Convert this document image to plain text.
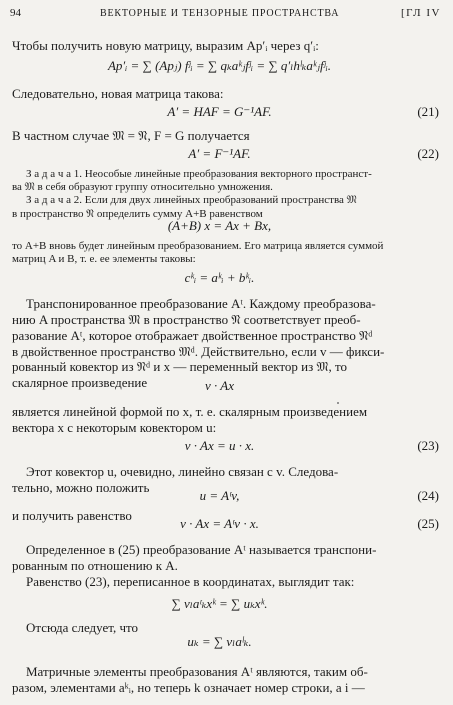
94	ВЕКТОРНЫЕ И ТЕНЗОРНЫЕ ПРОСТРАНСТВА	[ГЛ IV
Чтобы получить новую матрицу, выразим Ap′ᵢ через q′ᵢ:
Ap′ᵢ = ∑ (Apⱼ) fʲᵢ = ∑ qₖaᵏⱼfʲᵢ = ∑ q′ₗhˡₖaᵏⱼfʲᵢ.
Следовательно, новая матрица такова:
A′ = HAF = G⁻¹AF.	(21)
В частном случае 𝔐 = 𝔑, F = G получается
A′ = F⁻¹AF.	(22)
З а д а ч а 1. Неособые линейные преобразования векторного пространст-
ва 𝔐 в себя образуют группу относительно умножения.
З а д а ч а 2. Если для двух линейных преобразований пространства 𝔐
в пространство 𝔑 определить сумму A+B равенством
(A+B) x = Ax + Bx,
то A+B вновь будет линейным преобразованием. Его матрица является суммой
матриц A и B, т. е. ее элементы таковы:
cᵏᵢ = aᵏᵢ + bᵏᵢ.
Транспонированное преобразование Aᵗ. Каждому преобразова-
нию A пространства 𝔐 в пространство 𝔑 соответствует преоб-
разование Aᵗ, которое отображает двойственное пространство 𝔑ᵈ
в двойственное пространство 𝔐ᵈ. Действительно, если v — фикси-
рованный ковектор из 𝔑ᵈ и x — переменный вектор из 𝔐, то
скалярное произведение	v · Ax
является линейной формой по x, т. е. скалярным произведением
вектора x с некоторым ковектором u:
v · Ax = u · x.	(23)
Этот ковектор u, очевидно, линейно связан с v. Следова-
тельно, можно положить
u = Aᵗv,	(24)
и получить равенство
v · Ax = Aᵗv · x.	(25)
Определенное в (25) преобразование Aᵗ называется транспони-
рованным по отношению к A.
Равенство (23), переписанное в координатах, выглядит так:
∑ vₗaᵗₖxᵏ = ∑ uₖxᵏ.
Отсюда следует, что
uₖ = ∑ vₗaˡₖ.
Матричные элементы преобразования Aᵗ являются, таким об-
разом, элементами aᵏᵢ, но теперь k означает номер строки, а i —
